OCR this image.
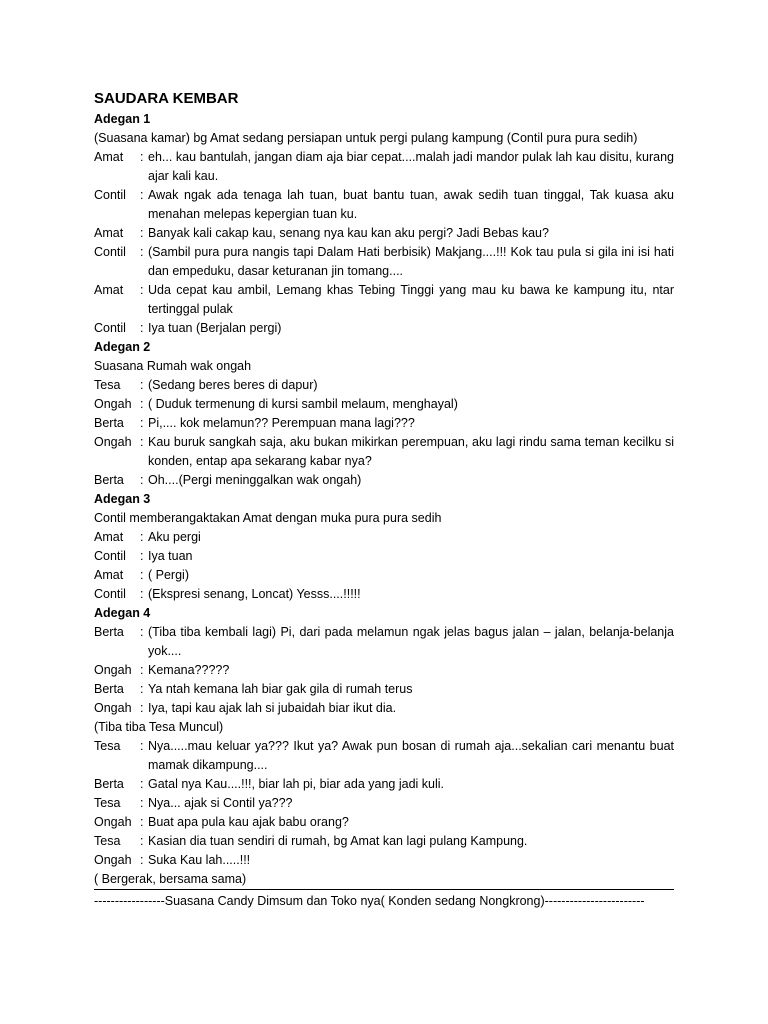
SAUDARA KEMBAR

Adegan 1

(Suasana kamar) bg Amat sedang persiapan untuk pergi pulang kampung (Contil pura pura sedih)

Amat	: eh... kau bantulah, jangan diam aja biar cepat....malah jadi mandor pulak lah kau disitu, kurang ajar kali kau.
Contil	: Awak ngak ada tenaga lah tuan, buat bantu tuan, awak sedih tuan tinggal, Tak kuasa aku menahan melepas kepergian tuan ku.
Amat	: Banyak kali cakap kau, senang nya kau kan aku pergi? Jadi Bebas kau?
Contil	: (Sambil pura pura nangis tapi Dalam Hati berbisik) Makjang....!!! Kok tau pula si gila ini isi hati dan empeduku, dasar keturanan jin tomang....
Amat	: Uda cepat kau ambil, Lemang khas Tebing Tinggi yang mau ku bawa ke kampung itu, ntar tertinggal pulak
Contil	: Iya tuan (Berjalan pergi)

Adegan 2

Suasana Rumah wak ongah

Tesa	: (Sedang beres beres di dapur)
Ongah : ( Duduk termenung di kursi sambil melaum, menghayal)
Berta	: Pi,.... kok melamun?? Perempuan mana lagi???
Ongah : Kau buruk sangkah saja, aku bukan mikirkan perempuan, aku lagi rindu sama teman kecilku si konden, entap apa sekarang kabar nya?
Berta	: Oh....(Pergi meninggalkan wak ongah)

Adegan 3

Contil memberangaktakan Amat dengan muka pura pura sedih

Amat	: Aku pergi
Contil	: Iya tuan
Amat	: ( Pergi)
Contil	: (Ekspresi senang, Loncat) Yesss....!!!!!

Adegan 4

Berta	: (Tiba tiba kembali lagi) Pi, dari pada melamun ngak jelas bagus jalan – jalan, belanja-belanja yok....
Ongah : Kemana?????
Berta	: Ya ntah kemana lah biar gak gila di rumah terus
Ongah : Iya, tapi kau ajak lah si jubaidah biar ikut dia.

(Tiba tiba Tesa Muncul)

Tesa	: Nya.....mau keluar ya??? Ikut ya? Awak pun bosan di rumah aja...sekalian cari menantu buat mamak dikampung....
Berta	: Gatal nya Kau....!!!, biar lah pi, biar ada yang jadi kuli.
Tesa	: Nya... ajak si Contil ya???
Ongah : Buat apa pula kau ajak babu orang?
Tesa	: Kasian dia tuan sendiri di rumah, bg Amat kan lagi pulang Kampung.
Ongah : Suka Kau lah.....!!!

( Bergerak, bersama sama)

-----------------Suasana Candy Dimsum dan Toko nya( Konden sedang Nongkrong)------------------------
